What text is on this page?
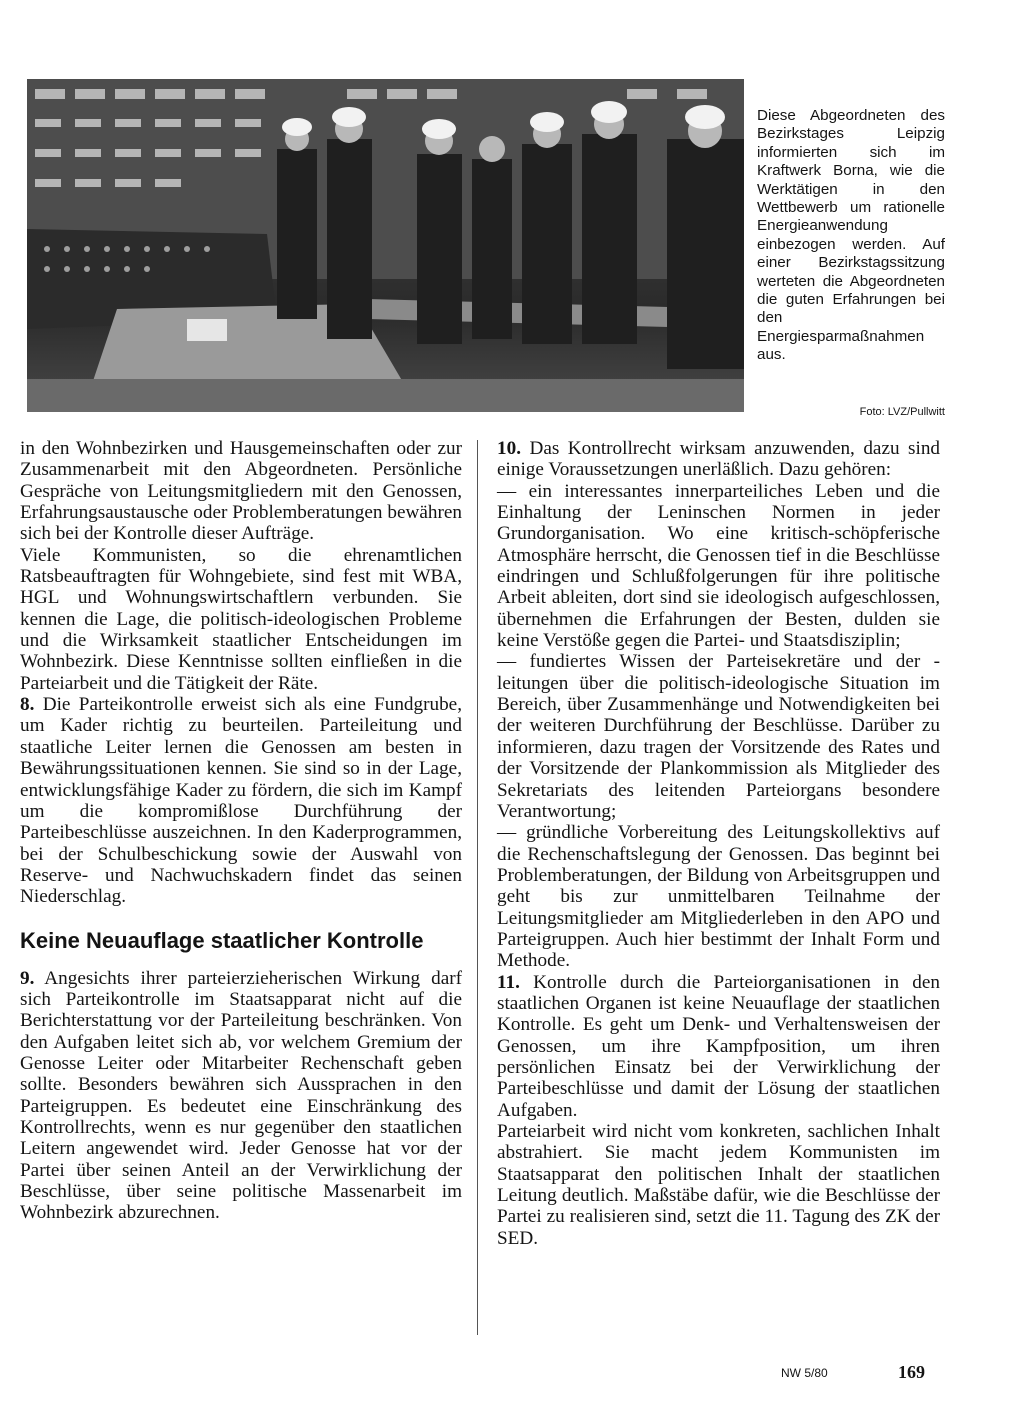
Diese Abgeordneten des Bezirkstages Leipzig informierten sich im Kraftwerk Borna, wie die Werktätigen in den Wettbewerb um rationelle Energieanwendung einbezogen werden. Auf einer Bezirkstagssitzung werteten die Abgeordneten die guten Erfahrungen bei den Energiesparmaßnahmen aus.
Foto: LVZ/Pullwitt

in den Wohnbezirken und Hausgemeinschaften oder zur Zusammenarbeit mit den Abgeordneten. Persönliche Gespräche von Leitungsmitgliedern mit den Genossen, Erfahrungsaustausche oder Problemberatungen bewähren sich bei der Kontrolle dieser Aufträge.

Viele Kommunisten, so die ehrenamtlichen Ratsbeauftragten für Wohngebiete, sind fest mit WBA, HGL und Wohnungswirtschaftlern verbunden. Sie kennen die Lage, die politisch-ideologischen Probleme und die Wirksamkeit staatlicher Entscheidungen im Wohnbezirk. Diese Kenntnisse sollten einfließen in die Parteiarbeit und die Tätigkeit der Räte.

8. Die Parteikontrolle erweist sich als eine Fundgrube, um Kader richtig zu beurteilen. Parteileitung und staatliche Leiter lernen die Genossen am besten in Bewährungssituationen kennen. Sie sind so in der Lage, entwicklungsfähige Kader zu fördern, die sich im Kampf um die kompromißlose Durchführung der Parteibeschlüsse auszeichnen. In den Kaderprogrammen, bei der Schulbeschickung sowie der Auswahl von Reserve- und Nachwuchskadern findet das seinen Niederschlag.

Keine Neuauflage staatlicher Kontrolle

9. Angesichts ihrer parteierzieherischen Wirkung darf sich Parteikontrolle im Staatsapparat nicht auf die Berichterstattung vor der Parteileitung beschränken. Von den Aufgaben leitet sich ab, vor welchem Gremium der Genosse Leiter oder Mitarbeiter Rechenschaft geben sollte. Besonders bewähren sich Aussprachen in den Parteigruppen. Es bedeutet eine Einschränkung des Kontrollrechts, wenn es nur gegenüber den staatlichen Leitern angewendet wird. Jeder Genosse hat vor der Partei über seinen Anteil an der Verwirklichung der Beschlüsse, über seine politische Massenarbeit im Wohnbezirk abzurechnen.

10. Das Kontrollrecht wirksam anzuwenden, dazu sind einige Voraussetzungen unerläßlich. Dazu gehören:

— ein interessantes innerparteiliches Leben und die Einhaltung der Leninschen Normen in jeder Grundorganisation. Wo eine kritisch-schöpferische Atmosphäre herrscht, die Genossen tief in die Beschlüsse eindringen und Schlußfolgerungen für ihre politische Arbeit ableiten, dort sind sie ideologisch aufgeschlossen, übernehmen die Erfahrungen der Besten, dulden sie keine Verstöße gegen die Partei- und Staatsdisziplin;

— fundiertes Wissen der Parteisekretäre und der -leitungen über die politisch-ideologische Situation im Bereich, über Zusammenhänge und Notwendigkeiten bei der weiteren Durchführung der Beschlüsse. Darüber zu informieren, dazu tragen der Vorsitzende des Rates und der Vorsitzende der Plankommission als Mitglieder des Sekretariats des leitenden Parteiorgans besondere Verantwortung;

— gründliche Vorbereitung des Leitungskollektivs auf die Rechenschaftslegung der Genossen. Das beginnt bei Problemberatungen, der Bildung von Arbeitsgruppen und geht bis zur unmittelbaren Teilnahme der Leitungsmitglieder am Mitgliederleben in den APO und Parteigruppen. Auch hier bestimmt der Inhalt Form und Methode.

11. Kontrolle durch die Parteiorganisationen in den staatlichen Organen ist keine Neuauflage der staatlichen Kontrolle. Es geht um Denk- und Verhaltensweisen der Genossen, um ihre Kampfposition, um ihren persönlichen Einsatz bei der Verwirklichung der Parteibeschlüsse und damit der Lösung der staatlichen Aufgaben.

Parteiarbeit wird nicht vom konkreten, sachlichen Inhalt abstrahiert. Sie macht jedem Kommunisten im Staatsapparat den politischen Inhalt der staatlichen Leitung deutlich. Maßstäbe dafür, wie die Beschlüsse der Partei zu realisieren sind, setzt die 11. Tagung des ZK der SED.

NW 5/80	169
